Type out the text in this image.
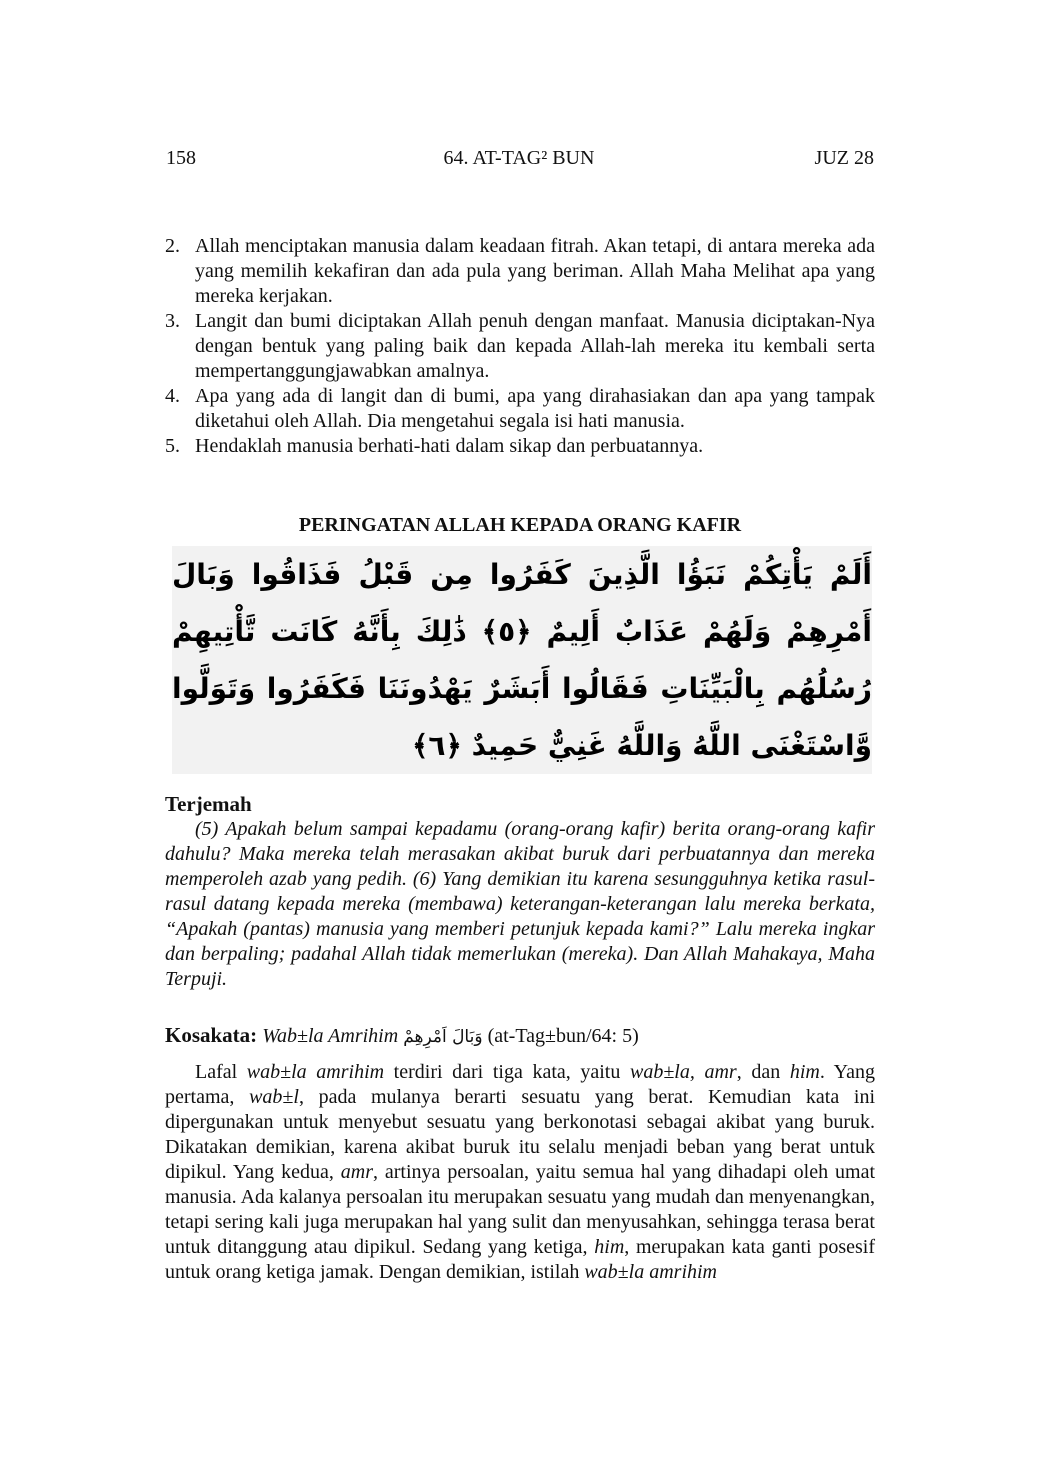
158	64. AT-TAG² BUN	JUZ 28
2. Allah menciptakan manusia dalam keadaan fitrah. Akan tetapi, di antara mereka ada yang memilih kekafiran dan ada pula yang beriman. Allah Maha Melihat apa yang mereka kerjakan.
3. Langit dan bumi diciptakan Allah penuh dengan manfaat. Manusia diciptakan-Nya dengan bentuk yang paling baik dan kepada Allah-lah mereka itu kembali serta mempertanggungjawabkan amalnya.
4. Apa yang ada di langit dan di bumi, apa yang dirahasiakan dan apa yang tampak diketahui oleh Allah. Dia mengetahui segala isi hati manusia.
5. Hendaklah manusia berhati-hati dalam sikap dan perbuatannya.
PERINGATAN ALLAH KEPADA ORANG KAFIR
أَلَمْ يَأْتِكُمْ نَبَؤُا الَّذِينَ كَفَرُوا مِن قَبْلُ فَذَاقُوا وَبَالَ أَمْرِهِمْ وَلَهُمْ عَذَابٌ أَلِيمٌ ﴿٥﴾ ذَٰلِكَ بِأَنَّهُ كَانَت تَّأْتِيهِمْ رُسُلُهُم بِالْبَيِّنَاتِ فَقَالُوا أَبَشَرٌ يَهْدُونَنَا فَكَفَرُوا وَتَوَلَّوا وَّاسْتَغْنَى اللَّهُ وَاللَّهُ غَنِيٌّ حَمِيدٌ ﴿٦﴾
Terjemah

(5) Apakah belum sampai kepadamu (orang-orang kafir) berita orang-orang kafir dahulu? Maka mereka telah merasakan akibat buruk dari perbuatannya dan mereka memperoleh azab yang pedih. (6) Yang demikian itu karena sesungguhnya ketika rasul-rasul datang kepada mereka (membawa) keterangan-keterangan lalu mereka berkata, “Apakah (pantas) manusia yang memberi petunjuk kepada kami?” Lalu mereka ingkar dan berpaling; padahal Allah tidak memerlukan (mereka). Dan Allah Mahakaya, Maha Terpuji.

Kosakata: Wab±la Amrihim وَبَالَ اَمْرِهِمْ (at-Tag±bun/64: 5)

Lafal wab±la amrihim terdiri dari tiga kata, yaitu wab±la, amr, dan him. Yang pertama, wab±l, pada mulanya berarti sesuatu yang berat. Kemudian kata ini dipergunakan untuk menyebut sesuatu yang berkonotasi sebagai akibat yang buruk. Dikatakan demikian, karena akibat buruk itu selalu menjadi beban yang berat untuk dipikul. Yang kedua, amr, artinya persoalan, yaitu semua hal yang dihadapi oleh umat manusia. Ada kalanya persoalan itu merupakan sesuatu yang mudah dan menyenangkan, tetapi sering kali juga merupakan hal yang sulit dan menyusahkan, sehingga terasa berat untuk ditanggung atau dipikul. Sedang yang ketiga, him, merupakan kata ganti posesif untuk orang ketiga jamak. Dengan demikian, istilah wab±la amrihim
